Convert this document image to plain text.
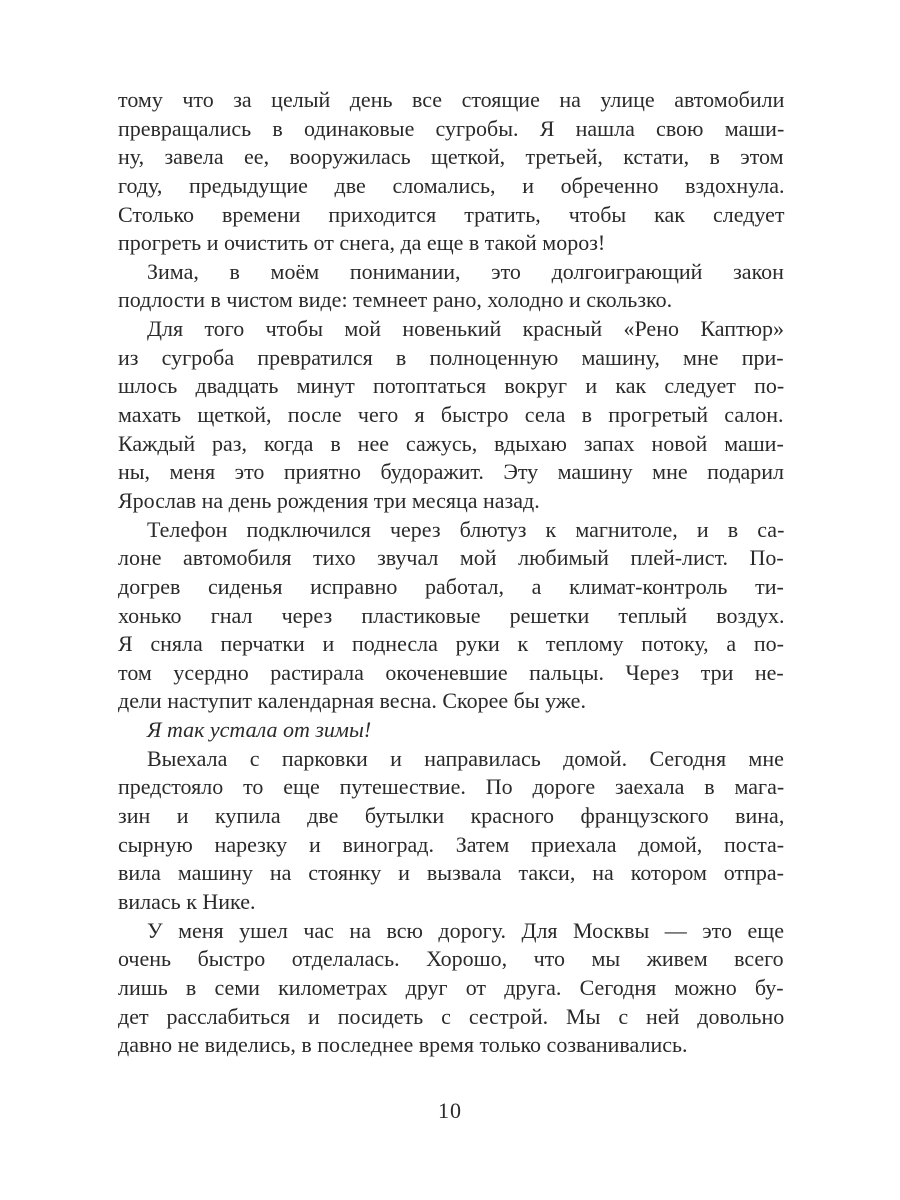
тому что за целый день все стоящие на улице автомобили
превращались в одинаковые сугробы. Я нашла свою маши-
ну, завела ее, вооружилась щеткой, третьей, кстати, в этом
году, предыдущие две сломались, и обреченно вздохнула.
Столько времени приходится тратить, чтобы как следует
прогреть и очистить от снега, да еще в такой мороз!
Зима, в моём понимании, это долгоиграющий закон
подлости в чистом виде: темнеет рано, холодно и скользко.
Для того чтобы мой новенький красный «Рено Каптюр»
из сугроба превратился в полноценную машину, мне при-
шлось двадцать минут потоптаться вокруг и как следует по-
махать щеткой, после чего я быстро села в прогретый салон.
Каждый раз, когда в нее сажусь, вдыхаю запах новой маши-
ны, меня это приятно будоражит. Эту машину мне подарил
Ярослав на день рождения три месяца назад.
Телефон подключился через блютуз к магнитоле, и в са-
лоне автомобиля тихо звучал мой любимый плей-лист. По-
догрев сиденья исправно работал, а климат-контроль ти-
хонько гнал через пластиковые решетки теплый воздух.
Я сняла перчатки и поднесла руки к теплому потоку, а по-
том усердно растирала окоченевшие пальцы. Через три не-
дели наступит календарная весна. Скорее бы уже.
Я так устала от зимы!
Выехала с парковки и направилась домой. Сегодня мне
предстояло то еще путешествие. По дороге заехала в мага-
зин и купила две бутылки красного французского вина,
сырную нарезку и виноград. Затем приехала домой, поста-
вила машину на стоянку и вызвала такси, на котором отпра-
вилась к Нике.
У меня ушел час на всю дорогу. Для Москвы — это еще
очень быстро отделалась. Хорошо, что мы живем всего
лишь в семи километрах друг от друга. Сегодня можно бу-
дет расслабиться и посидеть с сестрой. Мы с ней довольно
давно не виделись, в последнее время только созванивались.
10
